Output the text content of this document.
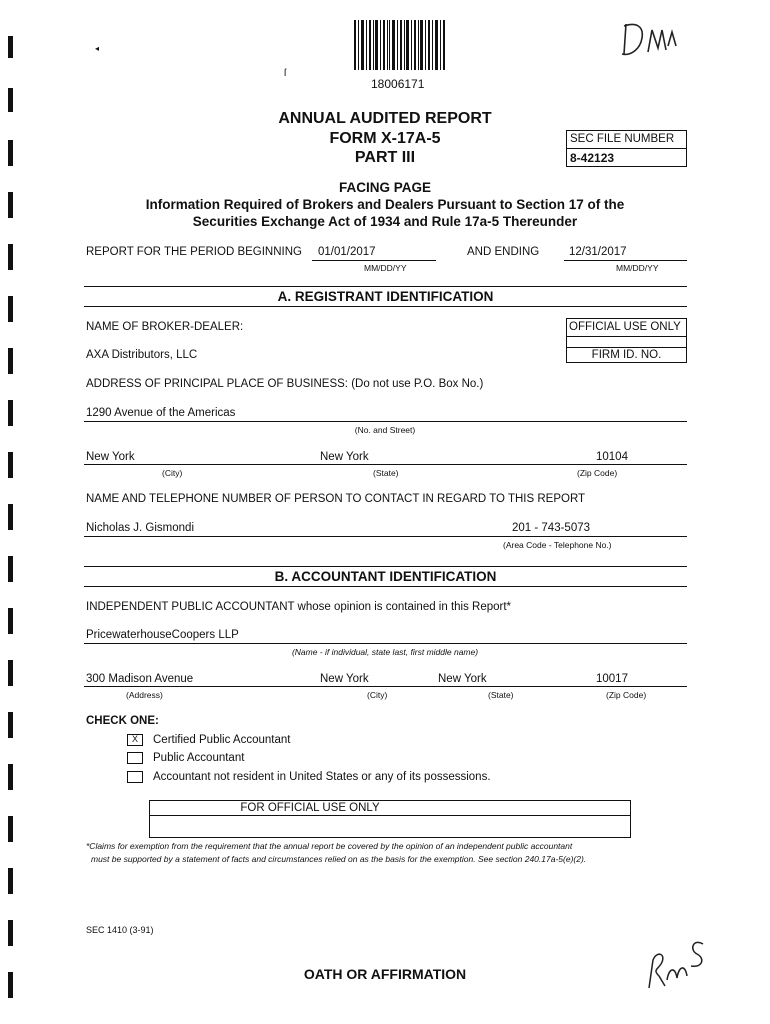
◂
ſ
18006171
ANNUAL AUDITED REPORT
FORM X-17A-5
PART III
SEC FILE NUMBER
8-42123
FACING PAGE
Information Required of Brokers and Dealers Pursuant to Section 17 of the
Securities Exchange Act of 1934 and Rule 17a-5 Thereunder
REPORT FOR THE PERIOD BEGINNING 01/01/2017
MM/DD/YY
AND ENDING	12/31/2017
MM/DD/YY
A. REGISTRANT IDENTIFICATION
NAME OF BROKER-DEALER:	OFFICIAL USE ONLY
FIRM ID. NO.
AXA Distributors, LLC
ADDRESS OF PRINCIPAL PLACE OF BUSINESS: (Do not use P.O. Box No.)
1290 Avenue of the Americas
(No. and Street)
New York	New York	10104
(City)	(State)	(Zip Code)
NAME AND TELEPHONE NUMBER OF PERSON TO CONTACT IN REGARD TO THIS REPORT
Nicholas J. Gismondi	201 - 743-5073
(Area Code - Telephone No.)
B. ACCOUNTANT IDENTIFICATION
INDEPENDENT PUBLIC ACCOUNTANT whose opinion is contained in this Report*
PricewaterhouseCoopers LLP
(Name - if individual, state last, first middle name)
300 Madison Avenue	New York	New York	10017
(Address)	(City)	(State)	(Zip Code)
CHECK ONE:
X	Certified Public Accountant
Public Accountant
Accountant not resident in United States or any of its possessions.
FOR OFFICIAL USE ONLY
*Claims for exemption from the requirement that the annual report be covered by the opinion of an independent public accountant
must be supported by a statement of facts and circumstances relied on as the basis for the exemption. See section 240.17a-5(e)(2).
SEC 1410 (3-91)
OATH OR AFFIRMATION
